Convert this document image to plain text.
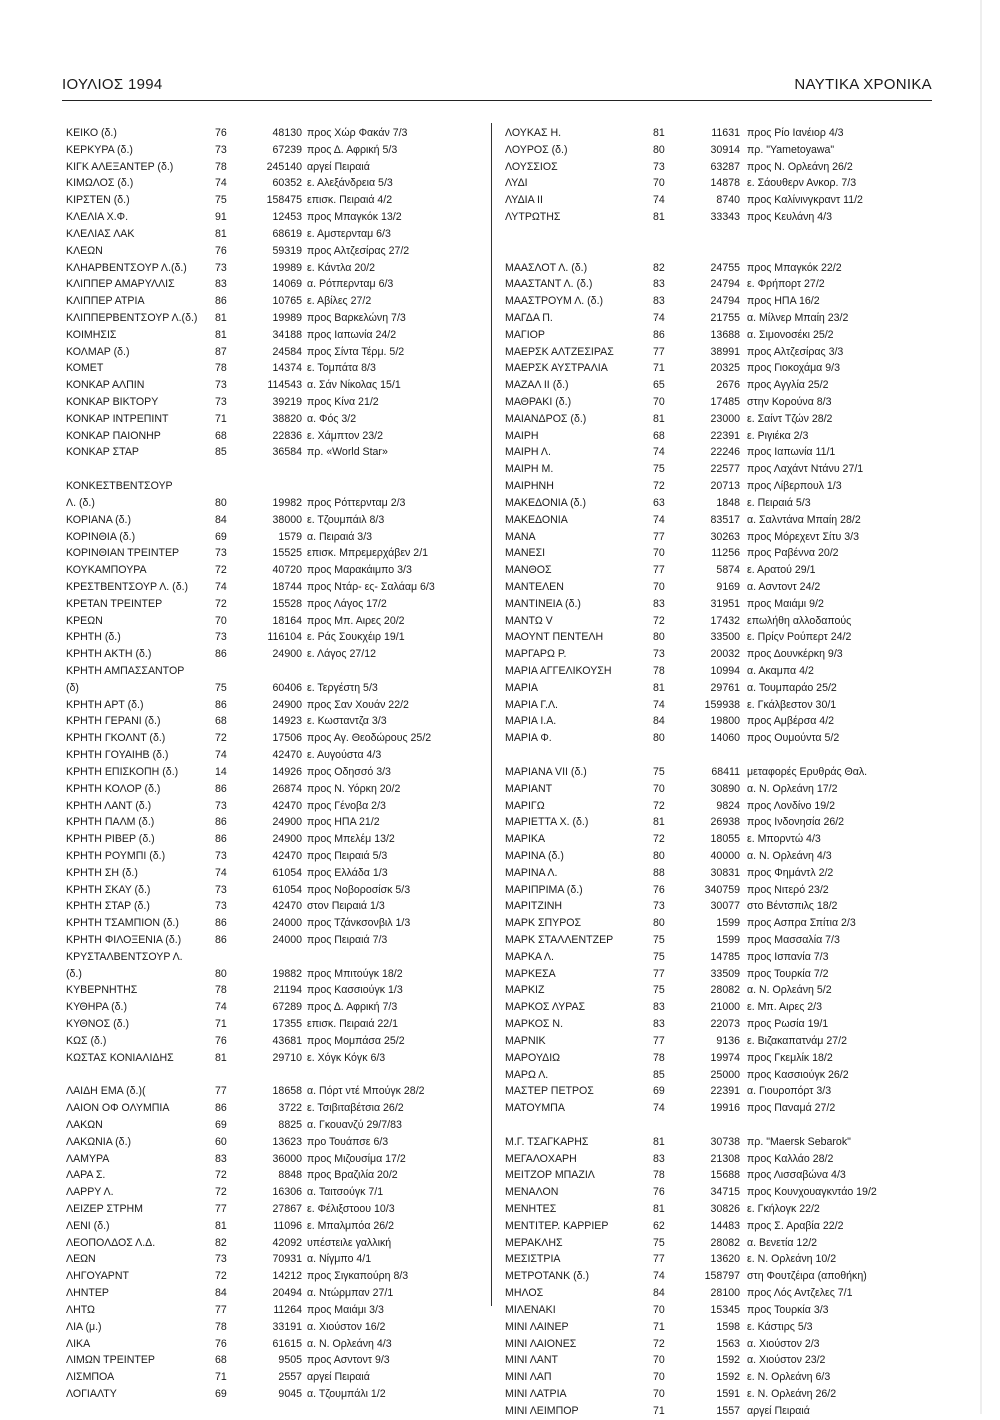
ΙΟΥΛΙΟΣ 1994	ΝΑΥΤΙΚΑ ΧΡΟΝΙΚΑ
ΚΕΙΚΟ (δ.)	76	48130 προς Χώρ Φακάν 7/3
ΚΕΡΚΥΡΑ (δ.)	73	67239 προς Δ. Αφρική 5/3
ΚΙΓΚ ΑΛΕΞΑΝΤΕΡ (δ.)	78	245140 αργεί Πειραιά
ΚΙΜΩΛΟΣ (δ.)	74	60352 ε. Αλεξάνδρεια 5/3
ΚΙΡΣΤΕΝ (δ.)	75	158475 επισκ. Πειραιά 4/2
ΚΛΕΛΙΑ Χ.Φ.	91	12453 προς Μπαγκόκ 13/2
ΚΛΕΛΙΑΣ ΛΑΚ	81	68619 ε. Αμστερνταμ 6/3
ΚΛΕΩΝ	76	59319 προς Αλτζεσίρας 27/2
ΚΛΗΑΡΒΕΝΤΣΟΥΡ Λ.(δ.)	73	19989 ε. Κάντλα 20/2
ΚΛΙΠΠΕΡ ΑΜΑΡΥΛΛΙΣ	83	14069 α. Ρότπερνταμ 6/3
ΚΛΙΠΠΕΡ ΑΤΡΙΑ	86	10765 ε. Αβίλες 27/2
ΚΛΙΠΠΕΡΒΕΝΤΣΟΥΡ Λ.(δ.) 81	19989 προς Βαρκελώνη 7/3
ΚΟΙΜΗΣΙΣ	81	34188 προς Ιαπωνία 24/2
ΚΟΛΜΑΡ (δ.)	87	24584 προς Σίντα Τέρμ. 5/2
ΚΟΜΕΤ	78	14374 ε. Τομπάτα 8/3
ΚΟΝΚΑΡ ΑΛΠΙΝ	73	114543 α. Σάν Νίκολας 15/1
ΚΟΝΚΑΡ ΒΙΚΤΟΡΥ	73	39219 προς Κίνα 21/2
ΚΟΝΚΑΡ ΙΝΤΡΕΠΙΝΤ	71	38820 α. Φός 3/2
ΚΟΝΚΑΡ ΠΑΙΟΝΗΡ	68	22836 ε. Χάμπτον 23/2
ΚΟΝΚΑΡ ΣΤΑΡ	85	36584 πρ. «World Star»
ΚΟΝΚΕΣΤΒΕΝΤΣΟΥΡ
Λ. (δ.)	80	19982 προς Ρόττερνταμ 2/3
ΚΟΡΙΑΝΑ (δ.)	84	38000 ε. Τζουμπάιλ 8/3
ΚΟΡΙΝΘΙΑ (δ.)	69	1579 α. Πειραιά 3/3
ΚΟΡΙΝΘΙΑΝ ΤΡΕΙΝΤΕΡ	73	15525 επισκ. Μπρεμερχάβεν 2/1
ΚΟΥΚΑΜΠΟΥΡΑ	72	40720 προς Μαρακάιμπο 3/3
ΚΡΕΣΤΒΕΝΤΣΟΥΡ Λ. (δ.)	74	18744 προς Ντάρ- ες- Σαλάαμ 6/3
ΚΡΕΤΑΝ ΤΡΕΙΝΤΕΡ	72	15528 προς Λάγος 17/2
ΚΡΕΩΝ	70	18164 προς Μπ. Αιρες 20/2
ΚΡΗΤΗ (δ.)	73	116104 ε. Ράς Σουκχέιρ 19/1
ΚΡΗΤΗ ΑΚΤΗ (δ.)	86	24900 ε. Λάγος 27/12
ΚΡΗΤΗ ΑΜΠΑΣΣΑΝΤΟΡ
(δ)	75	60406 ε. Τεργέστη 5/3
ΚΡΗΤΗ ΑΡΤ (δ.)	86	24900 προς Σαν Χουάν 22/2
ΚΡΗΤΗ ΓΕΡΑΝΙ (δ.)	68	14923 ε. Κωσταντζα 3/3
ΚΡΗΤΗ ΓΚΟΛΝΤ (δ.)	72	17506 προς Αγ. Θεοδώρους 25/2
ΚΡΗΤΗ ΓΟΥΑΙΗΒ (δ.)	74	42470 ε. Αυγούστα 4/3
ΚΡΗΤΗ ΕΠΙΣΚΟΠΗ (δ.)	14	14926 προς Οδησσό 3/3
ΚΡΗΤΗ ΚΟΛΟΡ (δ.)	86	26874 προς Ν. Υόρκη 20/2
ΚΡΗΤΗ ΛΑΝΤ (δ.)	73	42470 προς Γένοβα 2/3
ΚΡΗΤΗ ΠΑΛΜ (δ.)	86	24900 προς ΗΠΑ 21/2
ΚΡΗΤΗ ΡΙΒΕΡ (δ.)	86	24900 προς Μπελέμ 13/2
ΚΡΗΤΗ ΡΟΥΜΠΙ (δ.)	73	42470 προς Πειραιά 5/3
ΚΡΗΤΗ ΣΗ (δ.)	74	61054 προς Ελλάδα 1/3
ΚΡΗΤΗ ΣΚΑΥ (δ.)	73	61054 προς Νοβοροσίσκ 5/3
ΚΡΗΤΗ ΣΤΑΡ (δ.)	73	42470 στον Πειραιά 1/3
ΚΡΗΤΗ ΤΣΑΜΠΙΟΝ (δ.)	86	24000 προς Τζάνκσονβιλ 1/3
ΚΡΗΤΗ ΦΙΛΟΞΕΝΙΑ (δ.)	86	24000 προς Πειραιά 7/3
ΚΡΥΣΤΑΛΒΕΝΤΣΟΥΡ Λ.
(δ.)	80	19882 προς Μπιτούγκ 18/2
ΚΥΒΕΡΝΗΤΗΣ	78	21194 προς Κασσιούγκ 1/3
ΚΥΘΗΡΑ (δ.)	74	67289 προς Δ. Αφρική 7/3
ΚΥΘΝΟΣ (δ.)	71	17355 επισκ. Πειραιά 22/1
ΚΩΣ (δ.)	76	43681 προς Μομπάσα 25/2
ΚΩΣΤΑΣ ΚΟΝΙΑΛΙΔΗΣ	81	29710 ε. Χόγκ Κόγκ 6/3
ΛΑΙΔΗ ΕΜΑ (δ.)(	77	18658 α. Πόρτ ντέ Μπούγκ 28/2
ΛΑΙΟΝ ΟΦ ΟΛΥΜΠΙΑ	86	3722 ε. Τσιβιταβέτσια 26/2
ΛΑΚΩΝ	69	8825 α. Γκουανζύ 29/7/83
ΛΑΚΩΝΙΑ (δ.)	60	13623 προ Τουάπσε 6/3
ΛΑΜΥΡΑ	83	36000 προς Μιζουσίμα 17/2
ΛΑΡΑ Σ.	72	8848 προς Βραζιλία 20/2
ΛΑΡΡΥ Λ.	72	16306 α. Ταιτσούγκ 7/1
ΛΕΙΖΕΡ ΣΤΡΗΜ	77	27867 ε. Φέλιξστοου 10/3
ΛΕΝΙ (δ.)	81	11096 ε. Μπαλμπόα 26/2
ΛΕΟΠΟΛΔΟΣ Λ.Δ.	82	42092 υπέστειλε γαλλική
ΛΕΩΝ	73	70931 α. Νίγμπο 4/1
ΛΗΓΟΥΑΡΝΤ	72	14212 προς Σιγκαπούρη 8/3
ΛΗΝΤΕΡ	84	20494 α. Ντώρμπαν 27/1
ΛΗΤΩ	77	11264 προς Μαιάμι 3/3
ΛΙΑ (μ.)	78	33191 α. Χιούστον 16/2
ΛΙΚΑ	76	61615 α. Ν. Ορλεάνη 4/3
ΛΙΜΩΝ ΤΡΕΙΝΤΕΡ	68	9505 προς Ασντοντ 9/3
ΛΙΣΜΠΟΑ	71	2557 αργεί Πειραιά
ΛΟΓΙΑΛΤΥ	69	9045 α. Τζουμπάλι 1/2
ΛΟΥΚΑΣ Η.	81	11631 προς Ρίο Ιανέιορ 4/3
ΛΟΥΡΟΣ (δ.)	80	30914 πρ. "Yametoyawa"
ΛΟΥΣΣΙΟΣ	73	63287 προς Ν. Ορλεάνη 26/2
ΛΥΔΙ	70	14878 ε. Σάουθερν Ανκορ. 7/3
ΛΥΔΙΑ ΙΙ	74	8740 προς Καλίνινγκραντ 11/2
ΛΥΤΡΩΤΗΣ	81	33343 προς Κευλάνη 4/3
ΜΑΑΣΛΟΤ Λ. (δ.)	82	24755 προς Μπαγκόκ 22/2
ΜΑΑΣΤΑΝΤ Λ. (δ.)	83	24794 ε. Φρήπορτ 27/2
ΜΑΑΣΤΡΟΥΜ Λ. (δ.)	83	24794 προς ΗΠΑ 16/2
ΜΑΓΔΑ Π.	74	21755 α. Μίλνερ Μπαίη 23/2
ΜΑΓΙΟΡ	86	13688 α. Σιμονοσέκι 25/2
ΜΑΕΡΣΚ ΑΛΤΖΕΣΙΡΑΣ	77	38991 προς Αλτζεσίρας 3/3
ΜΑΕΡΣΚ ΑΥΣΤΡΑΛΙΑ	71	20325 προς Γιοκοχάμα 9/3
ΜΑΖΑΛ ΙΙ (δ.)	65	2676 προς Αγγλία 25/2
ΜΑΘΡΑΚΙ (δ.)	70	17485 στην Κορούνα 8/3
ΜΑΙΑΝΔΡΟΣ (δ.)	81	23000 ε. Σαίντ Τζών 28/2
ΜΑΙΡΗ	68	22391 ε. Ριγιέκα 2/3
ΜΑΙΡΗ Λ.	74	22246 προς Ιαπωνία 11/1
ΜΑΙΡΗ Μ.	75	22577 προς Λαχάντ Ντάνυ 27/1
ΜΑΙΡΗΝΗ	72	20713 προς Λίβερπουλ 1/3
ΜΑΚΕΔΟΝΙΑ (δ.)	63	1848 ε. Πειραιά 5/3
ΜΑΚΕΔΟΝΙΑ	74	83517 α. Σαλντάνα Μπαίη 28/2
ΜΑΝΑ	77	30263 προς Μόρεχεντ Σίτυ 3/3
ΜΑΝΕΣΙ	70	11256 προς Ραβέννα 20/2
ΜΑΝΘΟΣ	77	5874 ε. Αρατού 29/1
ΜΑΝΤΕΛΕΝ	70	9169 α. Ασντοντ 24/2
ΜΑΝΤΙΝΕΙΑ (δ.)	83	31951 προς Μαιάμι 9/2
ΜΑΝΤΩ V	72	17432 επωλήθη αλλοδαπούς
ΜΑΟΥΝΤ ΠΕΝΤΕΛΗ	80	33500 ε. Πρίςν Ρούπερτ 24/2
ΜΑΡΓΑΡΩ Ρ.	73	20032 προς Δουνκέρκη 9/3
ΜΑΡΙΑ ΑΓΓΕΛΙΚΟΥΣΗ	78	10994 α. Ακαμπα 4/2
ΜΑΡΙΑ	81	29761 α. Τουμπαράο 25/2
ΜΑΡΙΑ Γ.Λ.	74	159938 ε. Γκάλβεστον 30/1
ΜΑΡΙΑ Ι.Α.	84	19800 προς Αμβέρσα 4/2
ΜΑΡΙΑ Φ.	80	14060 προς Ουμούντα 5/2
ΜΑΡΙΑΝΑ VII (δ.)	75	68411 μεταφορές Ερυθράς Θαλ.
ΜΑΡΙΑΝΤ	70	30890 α. Ν. Ορλεάνη 17/2
ΜΑΡΙΓΩ	72	9824 προς Λονδίνο 19/2
ΜΑΡΙΕΤΤΑ Χ. (δ.)	81	26938 προς Ινδονησία 26/2
ΜΑΡΙΚΑ	72	18055 ε. Μπορντώ 4/3
ΜΑΡΙΝΑ (δ.)	80	40000 α. Ν. Ορλεάνη 4/3
ΜΑΡΙΝΑ Λ.	88	30831 προς Φημάντλ 2/2
ΜΑΡΙΠΡΙΜΑ (δ.)	76	340759 προς Νιτερό 23/2
ΜΑΡΙΤΖΙΝΗ	73	30077 στο Βέντσπιλς 18/2
ΜΑΡΚ ΣΠΥΡΟΣ	80	1599 προς Ασπρα Σπίτια 2/3
ΜΑΡΚ ΣΤΑΛΛΕΝΤΖΕΡ	75	1599 προς Μασσαλία 7/3
ΜΑΡΚΑ Λ.	75	14785 προς Ισπανία 7/3
ΜΑΡΚΕΣΑ	77	33509 προς Τουρκία 7/2
ΜΑΡΚΙΖ	75	28082 α. Ν. Ορλεάνη 5/2
ΜΑΡΚΟΣ ΛΥΡΑΣ	83	21000 ε. Μπ. Αιρες 2/3
ΜΑΡΚΟΣ Ν.	83	22073 προς Ρωσία 19/1
ΜΑΡΝΙΚ	77	9136 ε. Βιζακαπατνάμ 27/2
ΜΑΡΟΥΔΙΩ	78	19974 προς Γκεμλίκ 18/2
ΜΑΡΩ Λ.	85	25000 προς Κασσιούγκ 26/2
ΜΑΣΤΕΡ ΠΕΤΡΟΣ	69	22391 α. Γιουροπόρτ 3/3
ΜΑΤΟΥΜΠΑ	74	19916 προς Παναμά 27/2
Μ.Γ. ΤΣΑΓΚΑΡΗΣ	81	30738 πρ. "Maersk Sebarok"
ΜΕΓΑΛΟΧΑΡΗ	83	21308 προς Καλλάο 28/2
ΜΕΙΤΖΟΡ ΜΠΑΖΙΛ	78	15688 προς Λισσαβώνα 4/3
ΜΕΝΑΛΟΝ	76	34715 προς Κουνχουαγκντάο 19/2
ΜΕΝΗΤΕΣ	81	30826 ε. Γκήλογκ 22/2
ΜΕΝΤΙΤΕΡ. ΚΑΡΡΙΕΡ	62	14483 προς Σ. Αραβία 22/2
ΜΕΡΑΚΛΗΣ	75	28082 α. Βενετία 12/2
ΜΕΣΙΣΤΡΙΑ	77	13620 ε. Ν. Ορλεάνη 10/2
ΜΕΤΡΟΤΑΝΚ (δ.)	74	158797 στη Φουτζέιρα (αποθήκη)
ΜΗΛΟΣ	84	28100 προς Λός Αντζελες 7/1
ΜΙΛΕΝΑΚΙ	70	15345 προς Τουρκία 3/3
ΜΙΝΙ ΛΑΙΝΕΡ	71	1598 ε. Κάστιρς 5/3
ΜΙΝΙ ΛΑΙΟΝΕΣ	72	1563 α. Χιούστον 2/3
ΜΙΝΙ ΛΑΝΤ	70	1592 α. Χιούστον 23/2
ΜΙΝΙ ΛΑΠ	70	1592 ε. Ν. Ορλεάνη 6/3
ΜΙΝΙ ΛΑΤΡΙΑ	70	1591 ε. Ν. Ορλεάνη 26/2
ΜΙΝΙ ΛΕΙΜΠΟΡ	71	1557 αργεί Πειραιά
